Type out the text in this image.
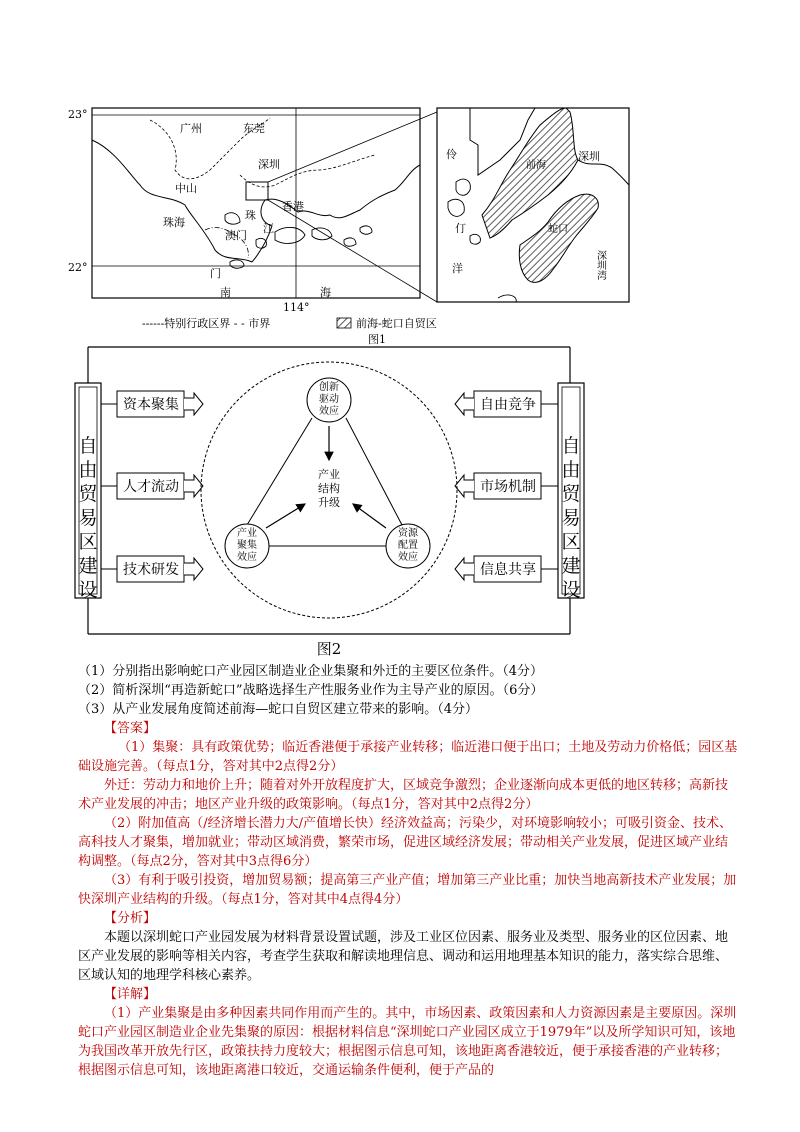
23°
22°
114°
广州	东莞
深圳
中山
珠
香港
珠海
澳门
江
门
南	海
伶
仃
洋
前海
蛇口
深圳
深圳湾
------特别行政区界 - - 市界	前海-蛇口自贸区
图1
自
由
贸
易
区
建
设
自
由
贸
易
区
建
设
资本聚集
人才流动
技术研发
自由竞争
市场机制
信息共享
创新
驱动
效应
产业
结构
升级
产业
聚集
效应
资源
配置
效应
图2

（1）分别指出影响蛇口产业园区制造业企业集聚和外迁的主要区位条件。（4分）

（2）简析深圳“再造新蛇口”战略选择生产性服务业作为主导产业的原因。（6分）

（3）从产业发展角度简述前海—蛇口自贸区建立带来的影响。（4分）

【答案】

（1）集聚：具有政策优势；临近香港便于承接产业转移；临近港口便于出口；土地及劳动力价格低；园区基础设施完善。（每点1分，答对其中2点得2分）

外迁：劳动力和地价上升；随着对外开放程度扩大，区域竞争激烈；企业逐渐向成本更低的地区转移；高新技术产业发展的冲击；地区产业升级的政策影响。（每点1分，答对其中2点得2分）

（2）附加值高（/经济增长潜力大/产值增长快）经济效益高；污染少，对环境影响较小；可吸引资金、技术、高科技人才聚集，增加就业；带动区域消费，繁荣市场，促进区域经济发展；带动相关产业发展，促进区域产业结构调整。（每点2分，答对其中3点得6分）

（3）有利于吸引投资，增加贸易额；提高第三产业产值；增加第三产业比重；加快当地高新技术产业发展；加快深圳产业结构的升级。（每点1分，答对其中4点得4分）

【分析】

本题以深圳蛇口产业园发展为材料背景设置试题，涉及工业区位因素、服务业及类型、服务业的区位因素、地区产业发展的影响等相关内容，考查学生获取和解读地理信息、调动和运用地理基本知识的能力，落实综合思维、区域认知的地理学科核心素养。

【详解】

（1）产业集聚是由多种因素共同作用而产生的。其中，市场因素、政策因素和人力资源因素是主要原因。深圳蛇口产业园区制造业企业先集聚的原因：根据材料信息“深圳蛇口产业园区成立于1979年”以及所学知识可知，该地为我国改革开放先行区，政策扶持力度较大；根据图示信息可知，该地距离香港较近，便于承接香港的产业转移；根据图示信息可知，该地距离港口较近，交通运输条件便利，便于产品的
